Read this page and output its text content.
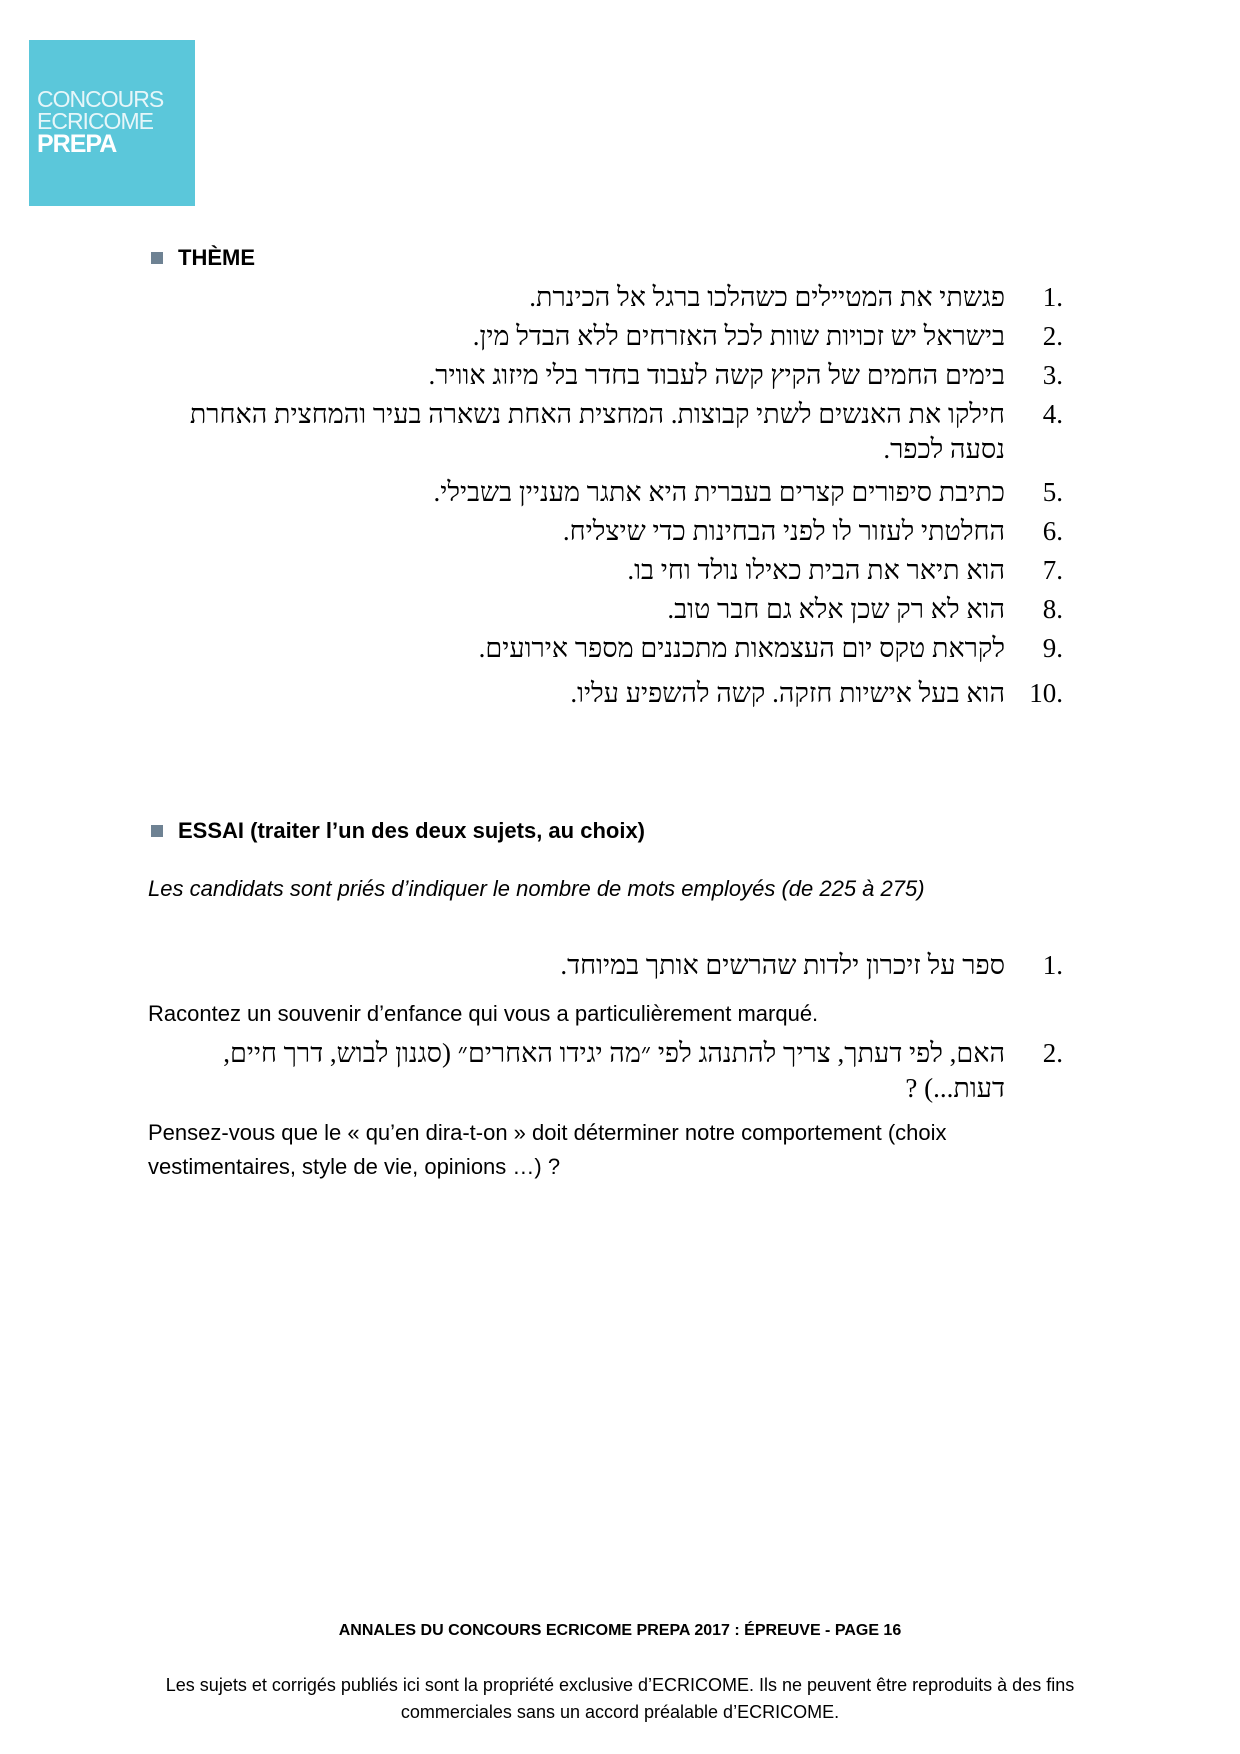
CONCOURS
ECRICOME
PREPA
THÈME
1.
פגשתי את המטיילים כשהלכו ברגל אל הכינרת.
2.
בישראל יש זכויות שוות לכל האזרחים ללא הבדל מין.
3.
בימים החמים של הקיץ קשה לעבוד בחדר בלי מיזוג אוויר.
4.
חילקו את האנשים לשתי קבוצות. המחצית האחת נשארה בעיר והמחצית האחרת נסעה לכפר.
5.
כתיבת סיפורים קצרים בעברית היא אתגר מעניין בשבילי.
6.
החלטתי לעזור לו לפני הבחינות כדי שיצליח.
7.
הוא תיאר את הבית כאילו נולד וחי בו.
8.
הוא לא רק שכן אלא גם חבר טוב.
9.
לקראת טקס יום העצמאות מתכננים מספר אירועים.
10.
הוא בעל אישיות חזקה. קשה להשפיע עליו.
ESSAI (traiter l’un des deux sujets, au choix)
Les candidats sont priés d’indiquer le nombre de mots employés (de 225 à 275)
1.
ספר על זיכרון ילדות שהרשים אותך במיוחד.
Racontez un souvenir d’enfance qui vous a particulièrement marqué.
2.
האם, לפי דעתך, צריך להתנהג לפי ״מה יגידו האחרים״ (סגנון לבוש, דרך חיים, דעות...) ?
Pensez-vous que le « qu’en dira-t-on » doit déterminer notre comportement (choix vestimentaires, style de vie, opinions …) ?
ANNALES DU CONCOURS ECRICOME PREPA 2017 : ÉPREUVE - PAGE 16
Les sujets et corrigés publiés ici sont la propriété exclusive d’ECRICOME. Ils ne peuvent être reproduits à des fins commerciales sans un accord préalable d’ECRICOME.
